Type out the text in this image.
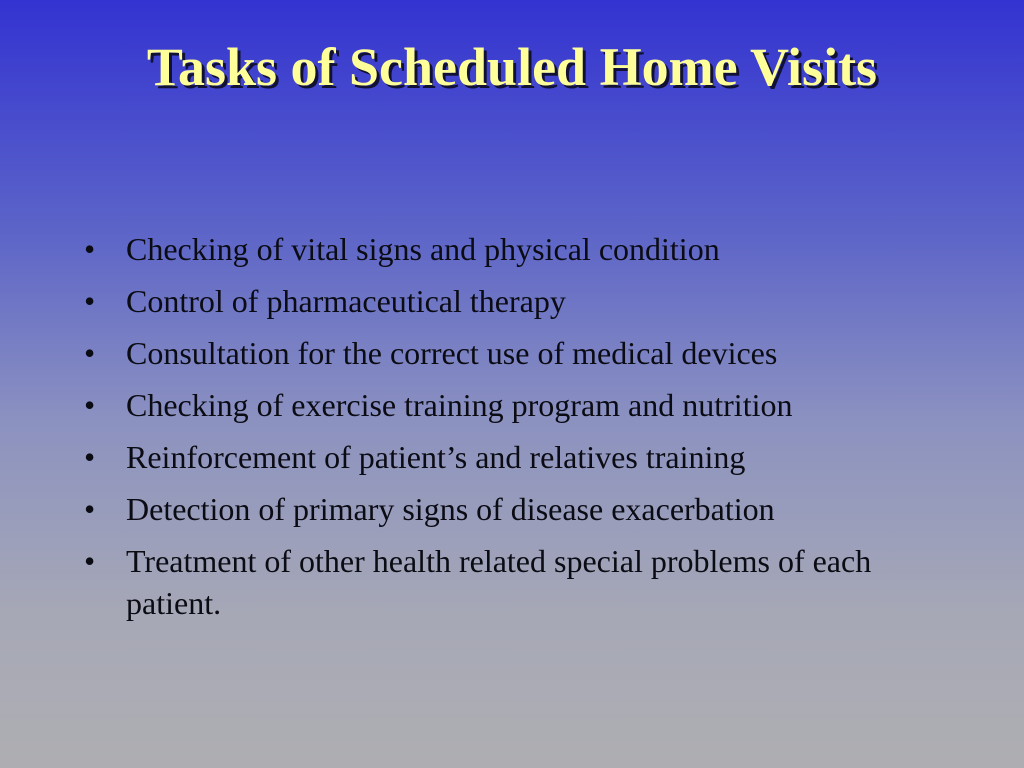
Tasks of Scheduled Home Visits
• Checking of vital signs and physical condition
• Control of pharmaceutical therapy
• Consultation for the correct use of medical devices
• Checking of exercise training program and nutrition
• Reinforcement of patient’s and relatives training
• Detection of primary signs of disease exacerbation
• Treatment of other health related special problems of each patient.
